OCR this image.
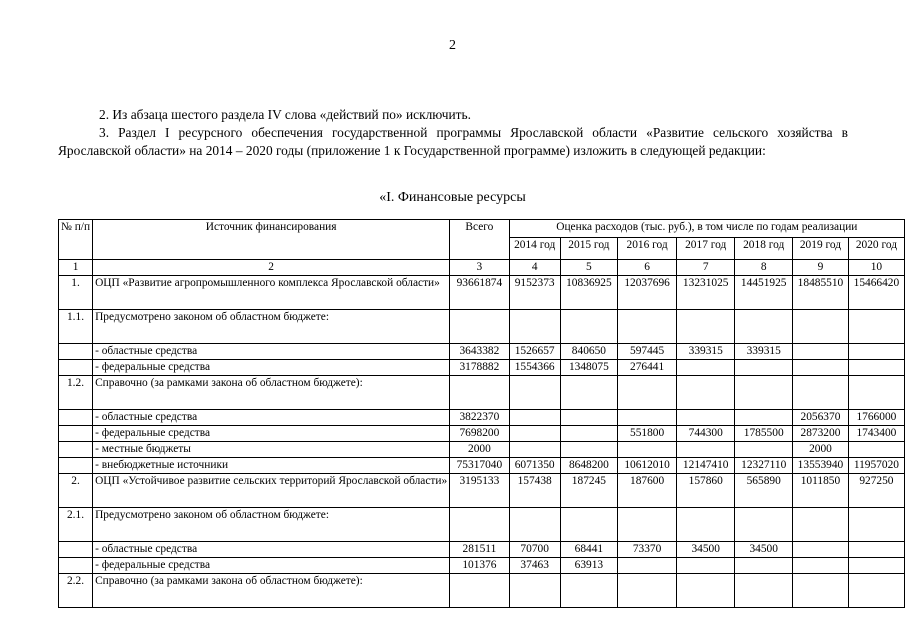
2
2. Из абзаца шестого раздела IV слова «действий по» исключить.
3. Раздел I ресурсного обеспечения государственной программы Ярославской области «Развитие сельского хозяйства в Ярославской области» на 2014 – 2020 годы (приложение 1 к Государственной программе) изложить в следующей редакции:
«I. Финансовые ресурсы
№ п/п	Источник финансирования	Всего	Оценка расходов (тыс. руб.), в том числе по годам реализации						
			2014 год	2015 год	2016 год	2017 год	2018 год	2019 год	2020 год
1	2	3	4	5	6	7	8	9	10
1.	ОЦП «Развитие агропромышленного комплекса Ярославской области»	93661874	9152373	10836925	12037696	13231025	14451925	18485510	15466420
1.1.	Предусмотрено законом об областном бюджете:								
	- областные средства	3643382	1526657	840650	597445	339315	339315		
	- федеральные средства	3178882	1554366	1348075	276441				
1.2.	Справочно (за рамками закона об областном бюджете):								
	- областные средства	3822370						2056370	1766000
	- федеральные средства	7698200			551800	744300	1785500	2873200	1743400
	- местные бюджеты	2000						2000	
	- внебюджетные источники	75317040	6071350	8648200	10612010	12147410	12327110	13553940	11957020
2.	ОЦП «Устойчивое развитие сельских территорий Ярославской области»	3195133	157438	187245	187600	157860	565890	1011850	927250
2.1.	Предусмотрено законом об областном бюджете:								
	- областные средства	281511	70700	68441	73370	34500	34500		
	- федеральные средства	101376	37463	63913					
2.2.	Справочно (за рамками закона об областном бюджете):								
